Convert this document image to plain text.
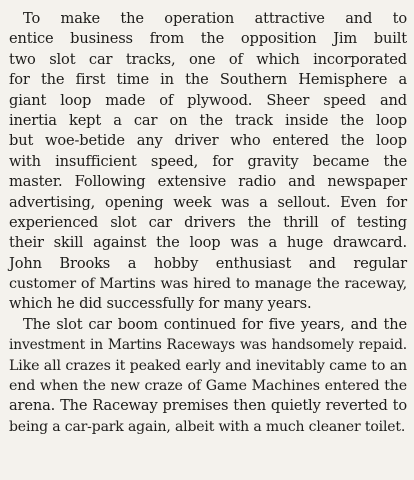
To make the operation attractive and to
entice business from the opposition Jim built
two slot car tracks, one of which incorporated
for the first time in the Southern Hemisphere a
giant loop made of plywood. Sheer speed and
inertia kept a car on the track inside the loop
but woe-betide any driver who entered the loop
with insufficient speed, for gravity became the
master. Following extensive radio and newspaper
advertising, opening week was a sellout. Even for
experienced slot car drivers the thrill of testing
their skill against the loop was a huge drawcard.
John Brooks a hobby enthusiast and regular
customer of Martins was hired to manage the raceway,
which he did successfully for many years.
The slot car boom continued for five years, and the
investment in Martins Raceways was handsomely repaid.
Like all crazes it peaked early and inevitably came to an
end when the new craze of Game Machines entered the
arena. The Raceway premises then quietly reverted to
being a car-park again, albeit with a much cleaner toilet.
